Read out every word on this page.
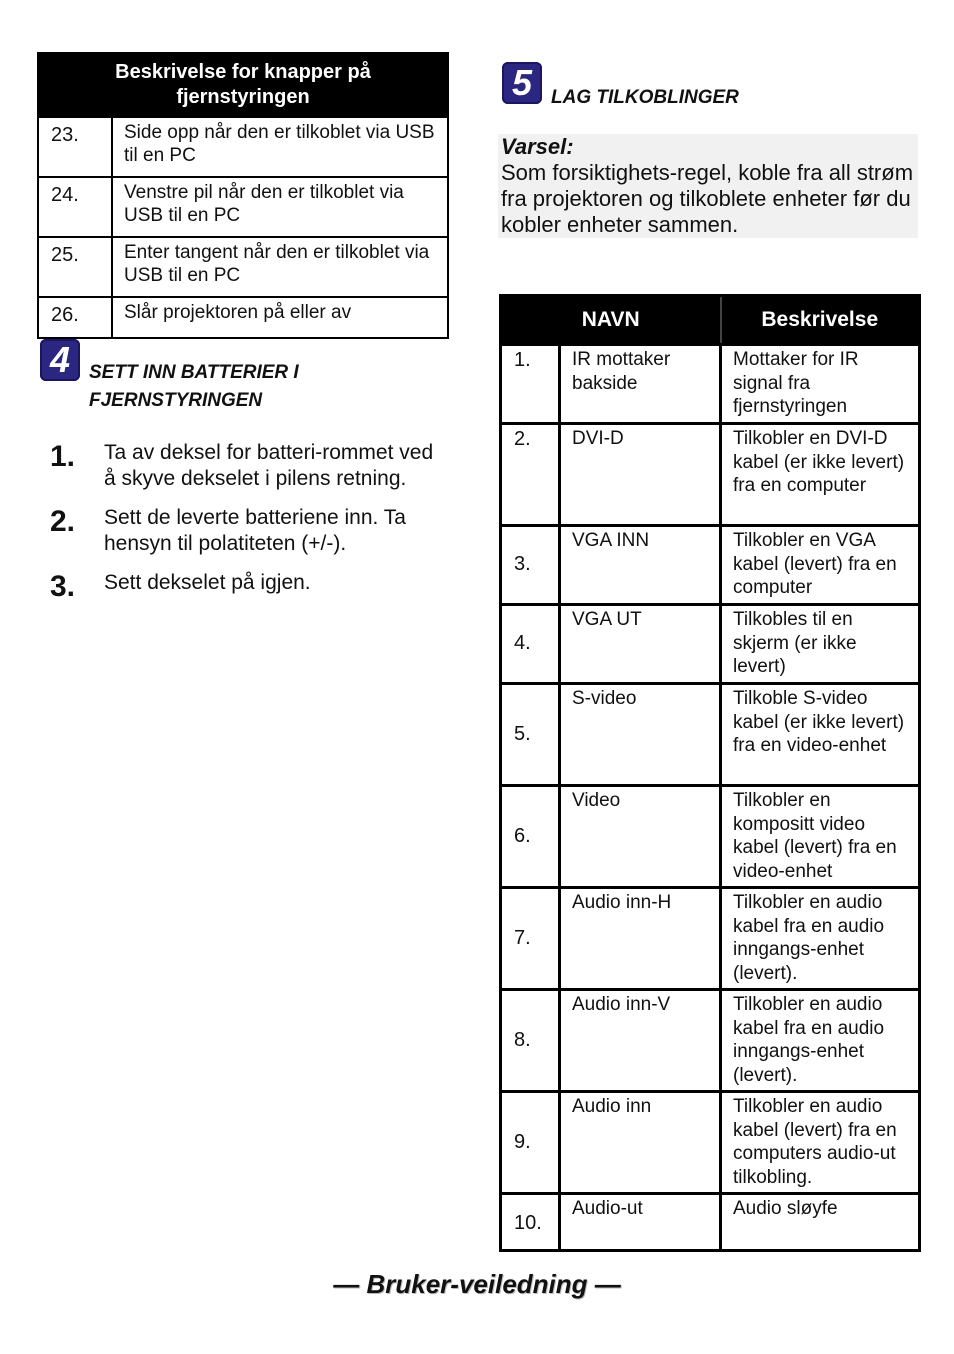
Beskrivelse for knapper på fjernstyringen	
23.	Side opp når den er tilkoblet via USB til en PC
24.	Venstre pil når den er tilkoblet via USB til en PC
25.	Enter tangent når den er tilkoblet via USB til en PC
26.	Slår projektoren på eller av
4 SETT INN BATTERIER I
FJERNSTYRINGEN
1. Ta av deksel for batteri-rommet ved å skyve dekselet i pilens retning.
2. Sett de leverte batteriene inn. Ta hensyn til polatiteten (+/-).
3. Sett dekselet på igjen.
5 LAG TILKOBLINGER
Varsel:
Som forsiktighets-regel, koble fra all strøm fra projektoren og tilkoblete enheter før du kobler enheter sammen.
NAVN		Beskrivelse
1.	IR mottaker bakside	Mottaker for IR signal fra fjernstyringen
2.	DVI-D	Tilkobler en DVI-D kabel (er ikke levert) fra en computer
3.	VGA INN	Tilkobler en VGA kabel (levert) fra en computer
4.	VGA UT	Tilkobles til en skjerm (er ikke levert)
5.	S-video	Tilkoble S-video kabel (er ikke levert) fra en video-enhet
6.	Video	Tilkobler en kompositt video kabel (levert) fra en video-enhet
7.	Audio inn-H	Tilkobler en audio kabel fra en audio inngangs-enhet (levert).
8.	Audio inn-V	Tilkobler en audio kabel fra en audio inngangs-enhet (levert).
9.	Audio inn	Tilkobler en audio kabel (levert) fra en computers audio-ut tilkobling.
10.	Audio-ut	Audio sløyfe
— Bruker-veiledning —
